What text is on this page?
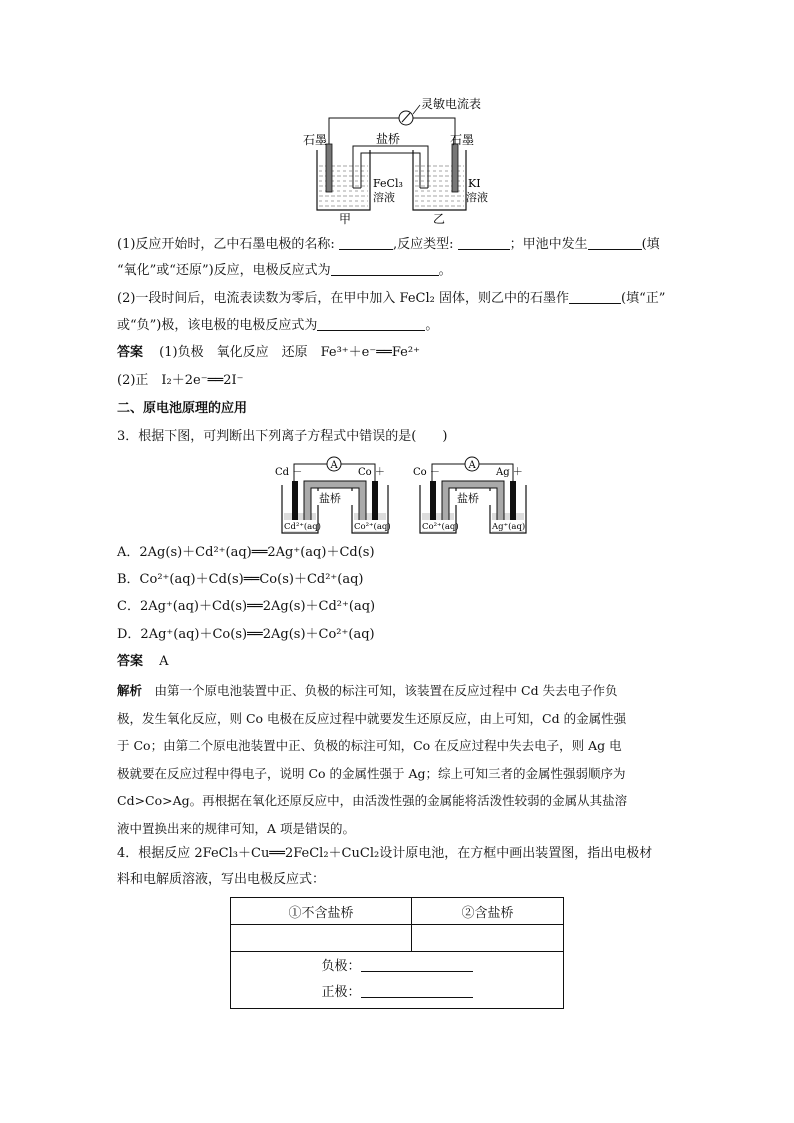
灵敏电流表
石墨	石墨
盐桥
FeCl₃
溶液
KI
溶液
甲	乙
(1)反应开始时，乙中石墨电极的名称:	,反应类型:	；甲池中发生	(填
“氧化”或“还原”)反应，电极反应式为	。
(2)一段时间后，电流表读数为零后，在甲中加入 FeCl₂ 固体，则乙中的石墨作	(填“正”
或“负”)极，该电极的电极反应式为	。
答案 (1)负极　氧化反应　还原　Fe³⁺＋e⁻══Fe²⁺
(2)正　I₂＋2e⁻══2I⁻
二、原电池原理的应用
3．根据下图，可判断出下列离子方程式中错误的是(　　)
A
盐桥
Cd －	Co ＋
Cd²⁺(aq)	Co²⁺(aq)
A
盐桥
Co －	Ag ＋
Co²⁺(aq)	Ag⁺(aq)
A．2Ag(s)＋Cd²⁺(aq)══2Ag⁺(aq)＋Cd(s)
B．Co²⁺(aq)＋Cd(s)══Co(s)＋Cd²⁺(aq)
C．2Ag⁺(aq)＋Cd(s)══2Ag(s)＋Cd²⁺(aq)
D．2Ag⁺(aq)＋Co(s)══2Ag(s)＋Co²⁺(aq)
答案 A
解析　 由第一个原电池装置中正、负极的标注可知，该装置在反应过程中 Cd 失去电子作负
极，发生氧化反应，则 Co 电极在反应过程中就要发生还原反应，由上可知，Cd 的金属性强
于 Co；由第二个原电池装置中正、负极的标注可知，Co 在反应过程中失去电子，则 Ag 电
极就要在反应过程中得电子，说明 Co 的金属性强于 Ag；综上可知三者的金属性强弱顺序为
Cd>Co>Ag。再根据在氧化还原反应中，由活泼性强的金属能将活泼性较弱的金属从其盐溶
液中置换出来的规律可知，A 项是错误的。
4．根据反应 2FeCl₃＋Cu══2FeCl₂＋CuCl₂设计原电池，在方框中画出装置图，指出电极材
料和电解质溶液，写出电极反应式：
①不含盐桥	②含盐桥

负极：
正极：	
